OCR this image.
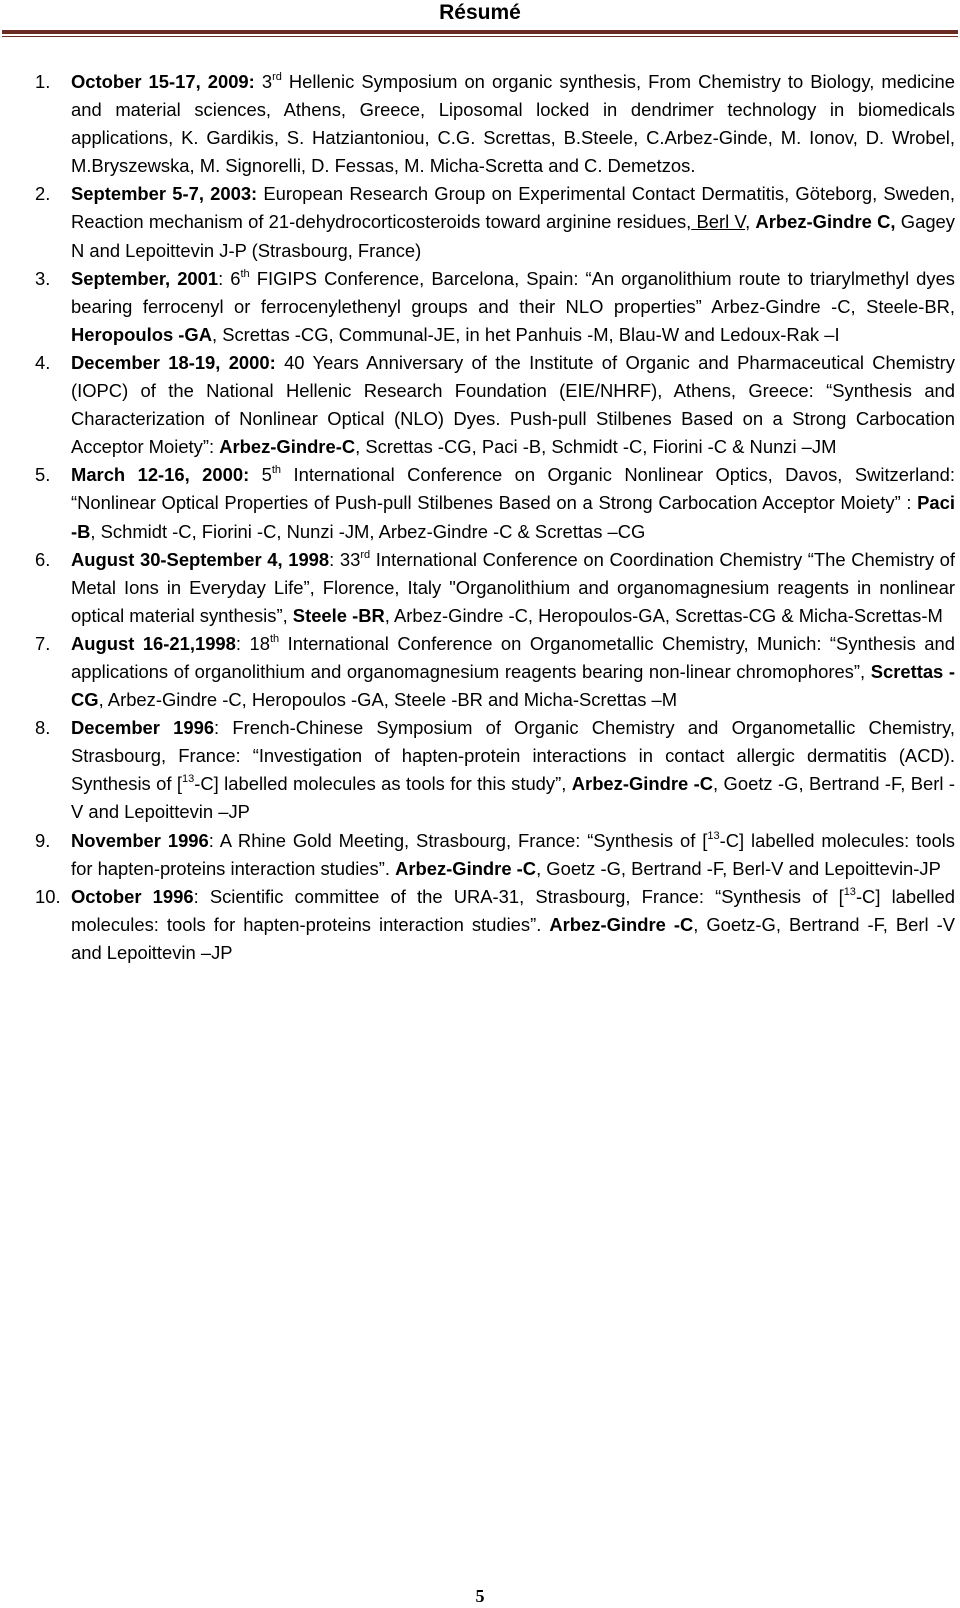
Résumé
1. October 15-17, 2009: 3rd Hellenic Symposium on organic synthesis, From Chemistry to Biology, medicine and material sciences, Athens, Greece, Liposomal locked in dendrimer technology in biomedicals applications, K. Gardikis, S. Hatziantoniou, C.G. Screttas, B.Steele, C.Arbez-Ginde, M. Ionov, D. Wrobel, M.Bryszewska, M. Signorelli, D. Fessas, M. Micha-Scretta and C. Demetzos.
2. September 5-7, 2003: European Research Group on Experimental Contact Dermatitis, Göteborg, Sweden, Reaction mechanism of 21-dehydrocorticosteroids toward arginine residues, Berl V, Arbez-Gindre C, Gagey N and Lepoittevin J-P (Strasbourg, France)
3. September, 2001: 6th FIGIPS Conference, Barcelona, Spain: “An organolithium route to triarylmethyl dyes bearing ferrocenyl or ferrocenylethenyl groups and their NLO properties” Arbez-Gindre -C, Steele-BR, Heropoulos -GA, Screttas -CG, Communal-JE, in het Panhuis -M, Blau-W and Ledoux-Rak –I
4. December 18-19, 2000: 40 Years Anniversary of the Institute of Organic and Pharmaceutical Chemistry (IOPC) of the National Hellenic Research Foundation (EIE/NHRF), Athens, Greece: “Synthesis and Characterization of Nonlinear Optical (NLO) Dyes. Push-pull Stilbenes Based on a Strong Carbocation Acceptor Moiety”: Arbez-Gindre-C, Screttas -CG, Paci -B, Schmidt -C, Fiorini -C & Nunzi –JM
5. March 12-16, 2000: 5th International Conference on Organic Nonlinear Optics, Davos, Switzerland: “Nonlinear Optical Properties of Push-pull Stilbenes Based on a Strong Carbocation Acceptor Moiety” : Paci -B, Schmidt -C, Fiorini -C, Nunzi -JM, Arbez-Gindre -C & Screttas –CG
6. August 30-September 4, 1998: 33rd International Conference on Coordination Chemistry “The Chemistry of Metal Ions in Everyday Life”, Florence, Italy "Organolithium and organomagnesium reagents in nonlinear optical material synthesis”, Steele -BR, Arbez-Gindre -C, Heropoulos-GA, Screttas-CG & Micha-Screttas-M
7. August 16-21,1998: 18th International Conference on Organometallic Chemistry, Munich: “Synthesis and applications of organolithium and organomagnesium reagents bearing non-linear chromophores”, Screttas -CG, Arbez-Gindre -C, Heropoulos -GA, Steele -BR and Micha-Screttas –M
8. December 1996: French-Chinese Symposium of Organic Chemistry and Organometallic Chemistry, Strasbourg, France: “Investigation of hapten-protein interactions in contact allergic dermatitis (ACD). Synthesis of [$^{13}$-C] labelled molecules as tools for this study”, Arbez-Gindre -C, Goetz -G, Bertrand -F, Berl -V and Lepoittevin –JP
9. November 1996: A Rhine Gold Meeting, Strasbourg, France: “Synthesis of [$^{13}$-C] labelled molecules: tools for hapten-proteins interaction studies”. Arbez-Gindre -C, Goetz -G, Bertrand -F, Berl-V and Lepoittevin-JP
10. October 1996: Scientific committee of the URA-31, Strasbourg, France: “Synthesis of [$^{13}$-C] labelled molecules: tools for hapten-proteins interaction studies”. Arbez-Gindre -C, Goetz-G, Bertrand -F, Berl -V and Lepoittevin –JP
5
